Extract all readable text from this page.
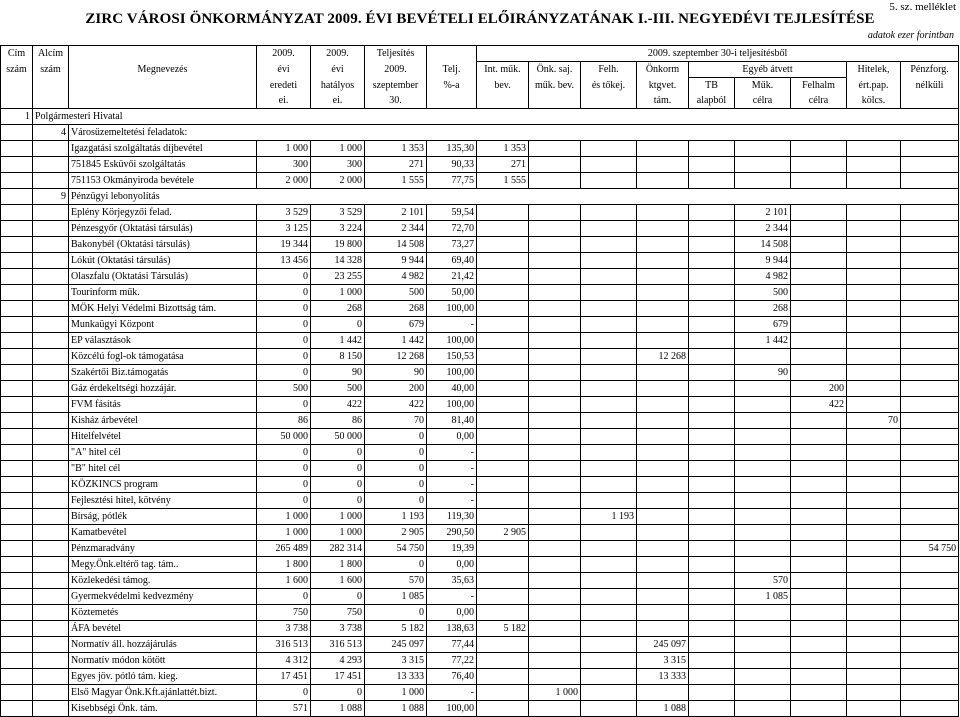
5. sz. melléklet
ZIRC VÁROSI ÖNKORMÁNYZAT 2009. ÉVI BEVÉTELI ELŐIRÁNYZATÁNAK I.-III. NEGYEDÉVI TEJLESÍTÉSE
adatok ezer forintban
Cím	Alcím		2009.	2009.	Teljesítés		2009. szeptember 30-i teljesítésből								
szám	szám	Megnevezés	évi	évi	2009.	Telj.	Int. műk.	Önk. saj.	Felh.	Önkorm	Egyéb átvett			Hitelek,	Pénzforg.
			eredeti	hatályos	szeptember	%-a	bev.	műk. bev.	és tőkej.	ktgvet.	TB	Műk.	Felhalm	ért.pap.	nélküli
			ei.	ei.	30.					tám.	alapból	célra	célra	kölcs.	
1	Polgármesteri Hivatal														
	4	Városüzemeltetési feladatok:													
		Igazgatási szolgáltatás díjbevétel	1 000	1 000	1 353	135,30	1 353								
		751845 Esküvői szolgáltatás	300	300	271	90,33	271								
		751153 Okmányiroda bevétele	2 000	2 000	1 555	77,75	1 555								
	9	Pénzügyi lebonyolítás													
		Eplény Körjegyzői felad.	3 529	3 529	2 101	59,54						2 101			
		Pénzesgyőr (Oktatási társulás)	3 125	3 224	2 344	72,70						2 344			
		Bakonybél (Oktatási társulás)	19 344	19 800	14 508	73,27						14 508			
		Lókút (Oktatási társulás)	13 456	14 328	9 944	69,40						9 944			
		Olaszfalu (Oktatási Társulás)	0	23 255	4 982	21,42						4 982			
		Tourinform műk.	0	1 000	500	50,00						500			
		MÖK Helyi Védelmi Bizottság tám.	0	268	268	100,00						268			
		Munkaügyi Központ	0	0	679	-						679			
		EP választások	0	1 442	1 442	100,00						1 442			
		Közcélú fogl-ok támogatása	0	8 150	12 268	150,53				12 268					
		Szakértői Biz.támogatás	0	90	90	100,00						90			
		Gáz érdekeltségi hozzájár.	500	500	200	40,00							200		
		FVM fásítás	0	422	422	100,00							422		
		Kisház árbevétel	86	86	70	81,40								70	
		Hitelfelvétel	50 000	50 000	0	0,00									
		"A" hitel cél	0	0	0	-									
		"B" hitel cél	0	0	0	-									
		KÖZKINCS program	0	0	0	-									
		Fejlesztési hitel, kötvény	0	0	0	-									
		Bírság, pótlék	1 000	1 000	1 193	119,30			1 193						
		Kamatbevétel	1 000	1 000	2 905	290,50	2 905								
		Pénzmaradvány	265 489	282 314	54 750	19,39									54 750
		Megy.Önk.eltérő tag. tám..	1 800	1 800	0	0,00									
		Közlekedési támog.	1 600	1 600	570	35,63						570			
		Gyermekvédelmi kedvezmény	0	0	1 085	-						1 085			
		Köztemetés	750	750	0	0,00									
		ÁFA bevétel	3 738	3 738	5 182	138,63	5 182								
		Normatív áll. hozzájárulás	316 513	316 513	245 097	77,44				245 097					
		Normatív módon kötött	4 312	4 293	3 315	77,22				3 315					
		Egyes jöv. pótló tám. kieg.	17 451	17 451	13 333	76,40				13 333					
		Első Magyar Önk.Kft.ajánlattét.bizt.	0	0	1 000	-		1 000							
		Kisebbségi Önk. tám.	571	1 088	1 088	100,00				1 088					
